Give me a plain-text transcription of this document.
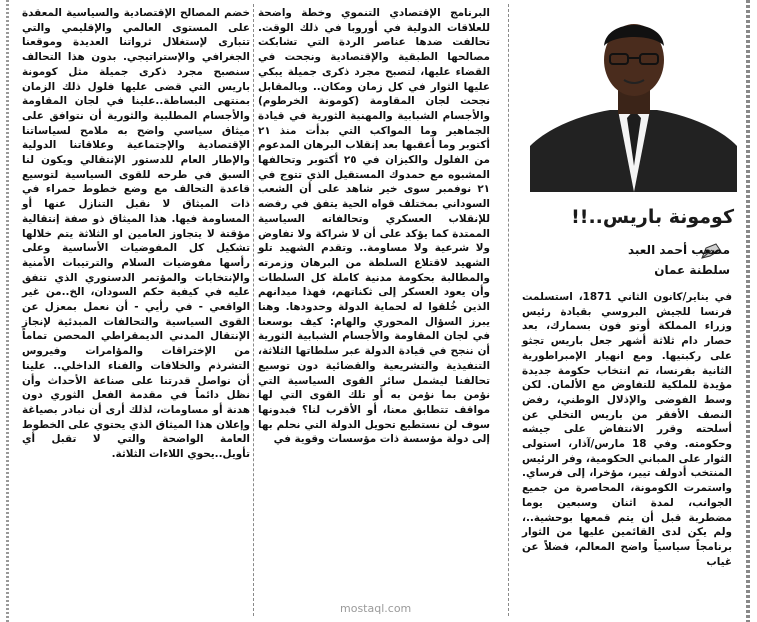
كومونة باريس..!!
مصعب أحمد العبد
سلطنة عمان
في يناير/كانون الثاني 1871، استسلمت فرنسا للجيش البروسي بقيادة رئيس وزراء المملكة أوتو فون بسمارك، بعد حصار دام ثلاثة أشهر جعل باريس تجثو على ركبتيها. ومع انهيار الإمبراطورية الثانية بفرنسا، تم انتخاب حكومة جديدة مؤيدة للملكية للتفاوض مع الألمان. لكن وسط الفوضى والإذلال الوطني، رفض النصف الأفقر من باريس التخلي عن أسلحته وقرر الانتفاض على جيشه وحكومته. وفي 18 مارس/آذار، استولى الثوار على المباني الحكومية، وفر الرئيس المنتخب أدولف تيير، مؤخرا، إلى فرساي. واستمرت الكومونة، المحاصرة من جميع الجوانب، لمدة اثنان وسبعين يوما مضطربة قبل أن يتم قمعها بوحشية..، ولم يكن لدى القائمين عليها من الثوار برنامجاً سياسياً واضح المعالم، فضلاً عن غياب
البرنامج الإقتصادي التنموي وخطة واضحة للعلاقات الدولية في أوروبا في ذلك الوقت. تحالفت ضدها عناصر الردة التي تشابكت مصالحها الطبقية والإقتصادية ونجحت في القضاء عليها، لتصبح مجرد ذكرى جميلة يبكي عليها الثوار في كل زمان ومكان.. وبالمقابل نجحت لجان المقاومة (كومونة الخرطوم) والأجسام الشبابية والمهنية الثورية في قيادة الجماهير وما المواكب التي بدأت منذ ٢١ أكتوبر وما أعقبها بعد إنقلاب البرهان المدعوم من الفلول والكيزان في ٢٥ أكتوبر وتحالفها المشبوه مع حمدوك المستقيل الذي تتوج في ٢١ نوفمبر سوى خير شاهد على أن الشعب السوداني بمختلف قواه الحية يتفق في رفضه للإنقلاب العسكري وتحالفاته السياسية الممتدة كما يؤكد على أن لا شراكة ولا تفاوض ولا شرعية ولا مساومة.. وتقدم الشهيد تلو الشهيد لاقتلاع السلطة من البرهان وزمرته والمطالبة بحكومة مدنية كاملة كل السلطات وأن يعود العسكر إلى ثكناتهم، فهذا ميدانهم الذين خُلقوا له لحماية الدولة وحدودها. وهنا يبرز السؤال المحوري والهام: كيف بوسعنا في لجان المقاومة والأجسام الشبابية الثورية أن ننجح في قيادة الدولة عبر سلطاتها الثلاثة، التنفيذية والتشريعية والقضائية دون توسيع تحالفنا ليشمل سائر القوى السياسية التي نؤمن بما نؤمن به أو تلك القوى التي لها مواقف تتطابق معنا، أو الأقرب لنا؟ فبدونها سوف لن نستطيع تحويل الدولة التي نحلم بها إلى دولة مؤسسة ذات مؤسسات وقوية في
خضم المصالح الإقتصادية والسياسية المعقدة على المستوى العالمي والإقليمي والتي تتبارى لإستغلال ثرواتنا العديدة وموقعنا الجغرافي والإستراتيجي. بدون هذا التحالف سنصبح مجرد ذكرى جميلة مثل كومونة باريس التي قضى عليها فلول ذلك الزمان بمنتهى البساطة..علينا في لجان المقاومة والأجسام المطلبية والثورية أن نتوافق على ميثاق سياسي واضح به ملامح لسياساتنا الإقتصادية والإجتماعية وعلاقاتنا الدولية والإطار العام للدستور الإنتقالي ويكون لنا السبق في طرحه للقوى السياسية لتوسيع قاعدة التحالف مع وضع خطوط حمراء في ذات الميثاق لا نقبل التنازل عنها أو المساومة فيها. هذا الميثاق ذو صفة إنتقالية مؤقتة لا يتجاوز العامين او الثلاثة يتم خلالها تشكيل كل المفوضيات الأساسية وعلى رأسها مفوضيات السلام والترتيبات الأمنية والإنتخابات والمؤتمر الدستوري الذي تتفق عليه في كيفية حكم السودان، الخ..من غير الواقعي - في رأيي - أن نعمل بمعزل عن القوى السياسية والتحالفات المبدئية لإنجاز الإنتقال المدني الديمقراطي المحصن تماماً من الإختراقات والمؤامرات وفيروس التشرذم والخلافات والفناء الداخلي.. علينا أن نواصل قدرتنا على صناعة الأحداث وأن نظل دائماً في مقدمة الفعل الثوري دون هدنة أو مساومات، لذلك أرى أن نبادر بصياغة وإعلان هذا الميثاق الذي يحتوي على الخطوط العامة الواضحة والتي لا تقبل أي تأويل..يحوي اللاءات الثلاثة.
mostaql.com
